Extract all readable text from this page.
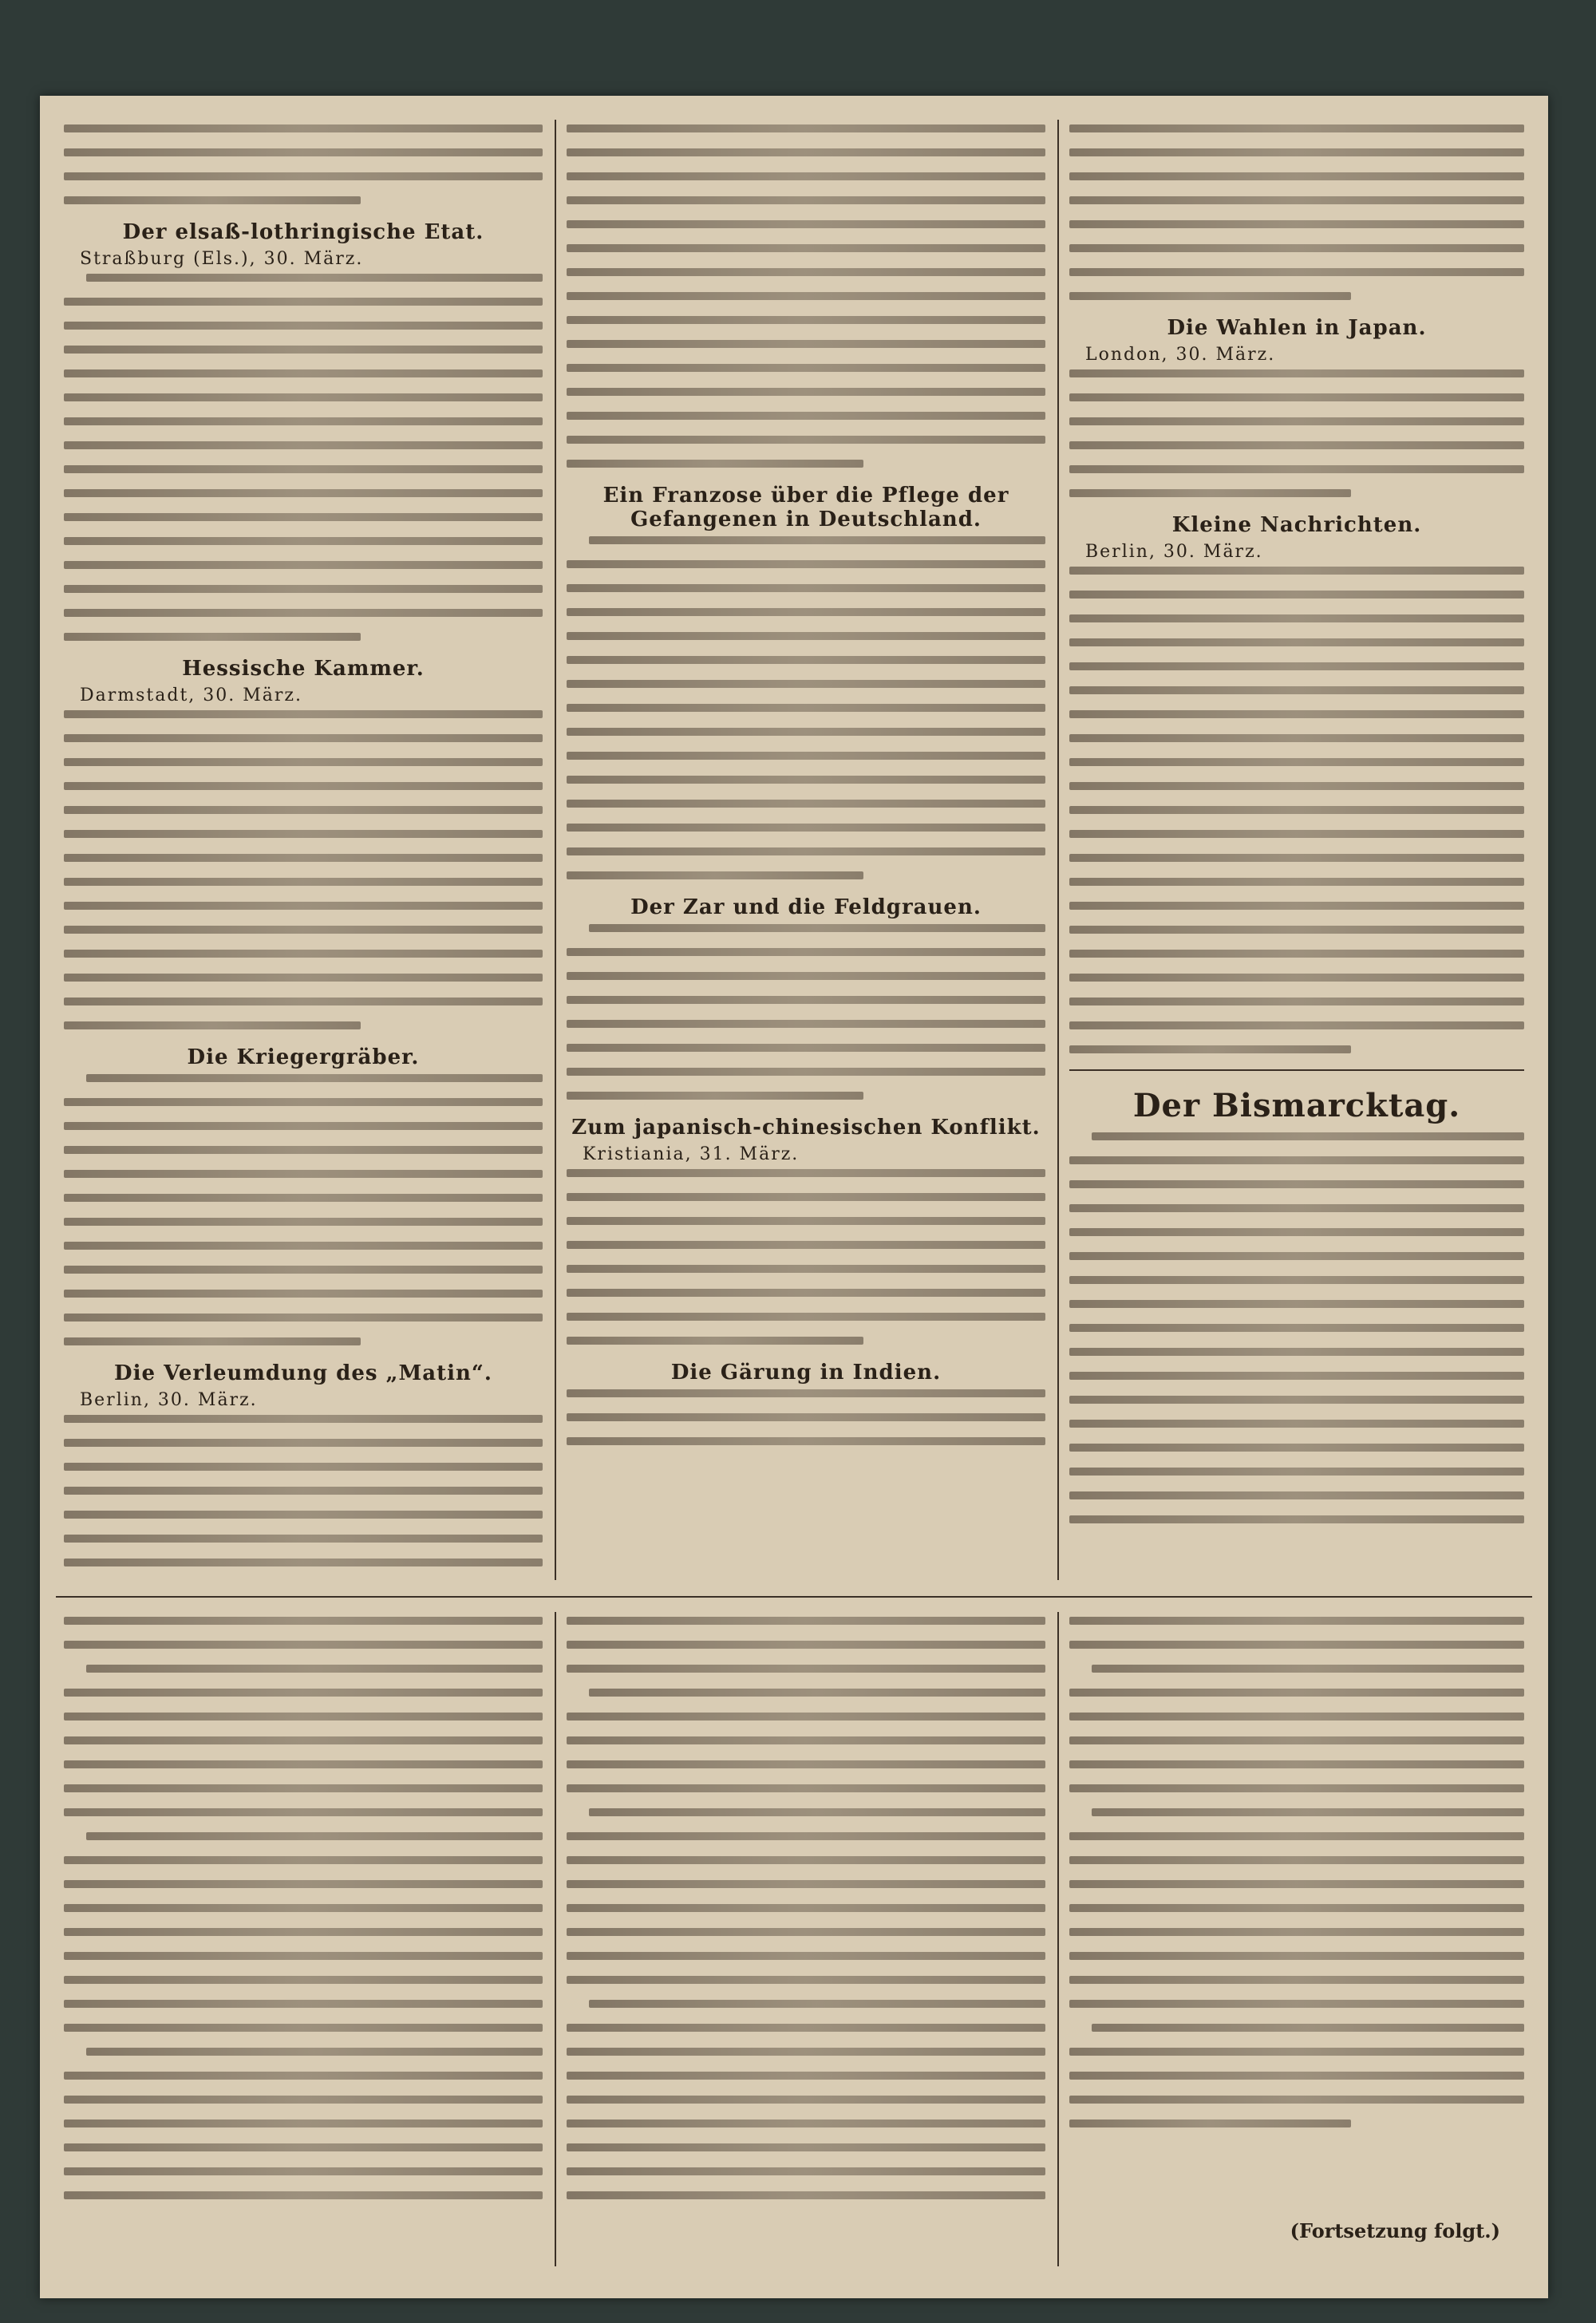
Der elsaß-lothringische Etat.
Straßburg (Els.), 30. März.
Hessische Kammer.
Darmstadt, 30. März.
Die Kriegergräber.
Die Verleumdung des „Matin“.
Berlin, 30. März.
Ein Franzose über die Pflege der Gefangenen in Deutschland.
Der Zar und die Feldgrauen.
Zum japanisch-chinesischen Konflikt.
Kristiania, 31. März.
Die Gärung in Indien.
Die Wahlen in Japan.
London, 30. März.
Kleine Nachrichten.
Berlin, 30. März.
Der Bismarcktag.
(Fortsetzung folgt.)
